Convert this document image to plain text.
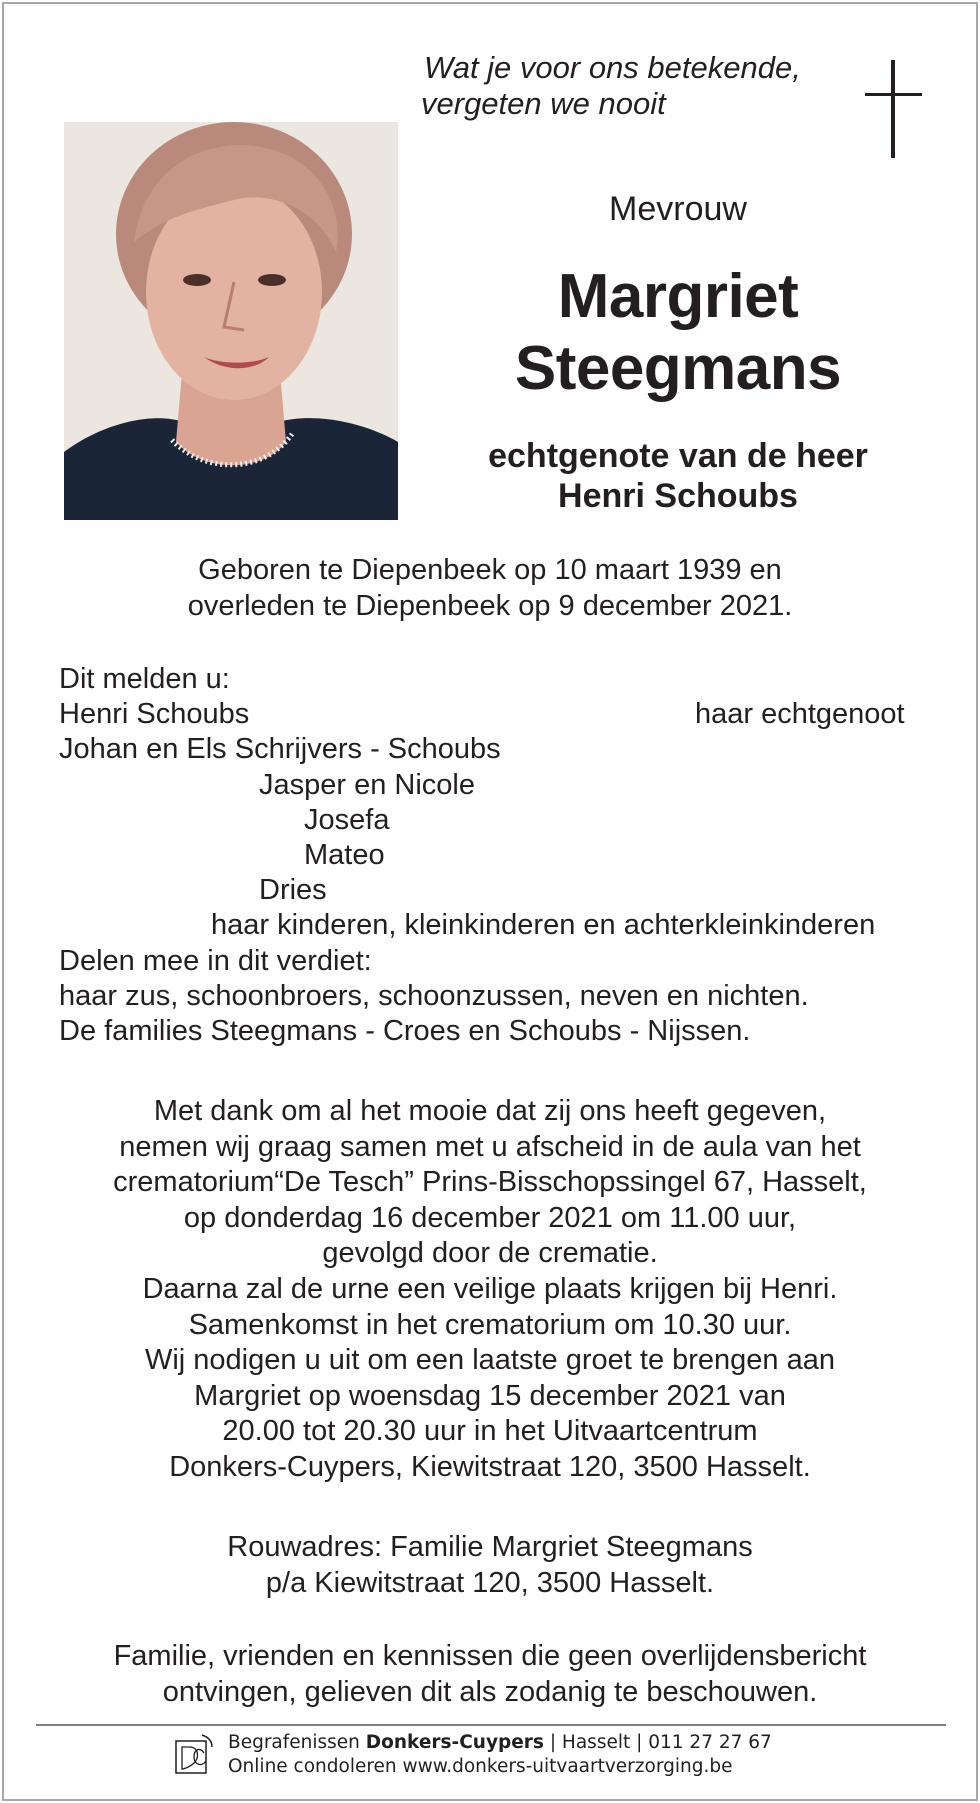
Wat je voor ons betekende,
vergeten we nooit
Mevrouw
Margriet
Steegmans
echtgenote van de heer
Henri Schoubs
Geboren te Diepenbeek op 10 maart 1939 en
overleden te Diepenbeek op 9 december 2021.
Dit melden u:
Henri Schoubs	haar echtgenoot
Johan en Els Schrijvers - Schoubs
Jasper en Nicole
Josefa
Mateo
Dries
haar kinderen, kleinkinderen en achterkleinkinderen
Delen mee in dit verdiet:
haar zus, schoonbroers, schoonzussen, neven en nichten.
De families Steegmans - Croes en Schoubs - Nijssen.
Met dank om al het mooie dat zij ons heeft gegeven,
nemen wij graag samen met u afscheid in de aula van het
crematorium“De Tesch” Prins-Bisschopssingel 67, Hasselt,
op donderdag 16 december 2021 om 11.00 uur,
gevolgd door de crematie.
Daarna zal de urne een veilige plaats krijgen bij Henri.
Samenkomst in het crematorium om 10.30 uur.
Wij nodigen u uit om een laatste groet te brengen aan
Margriet op woensdag 15 december 2021 van
20.00 tot 20.30 uur in het Uitvaartcentrum
Donkers-Cuypers, Kiewitstraat 120, 3500 Hasselt.
Rouwadres: Familie Margriet Steegmans
p/a Kiewitstraat 120, 3500 Hasselt.
Familie, vrienden en kennissen die geen overlijdensbericht
ontvingen, gelieven dit als zodanig te beschouwen.
Begrafenissen Donkers-Cuypers | Hasselt | 011 27 27 67
Online condoleren www.donkers-uitvaartverzorging.be
